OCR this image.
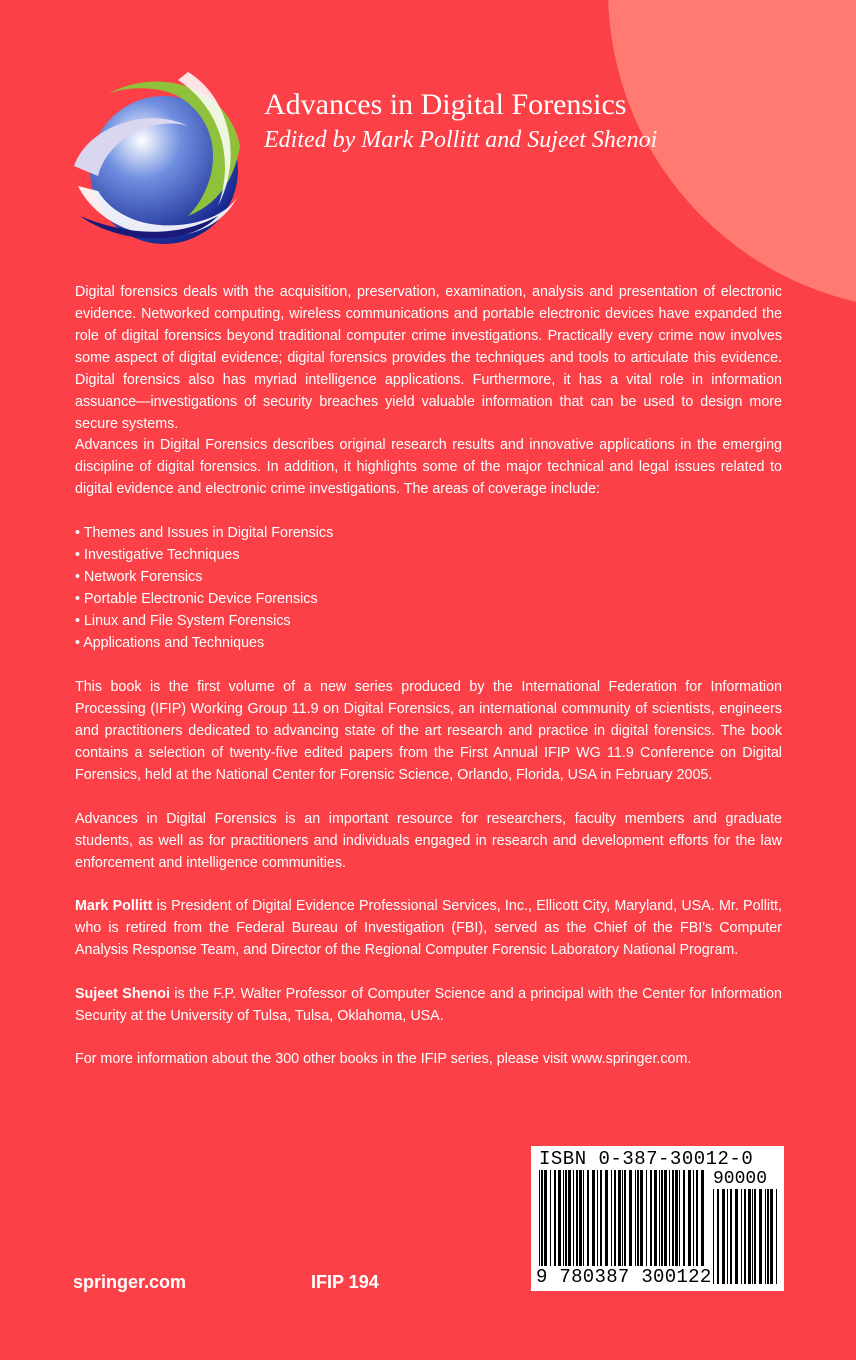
Advances in Digital Forensics
Edited by Mark Pollitt and Sujeet Shenoi

Digital forensics deals with the acquisition, preservation, examination, analysis and presentation of electronic evidence. Networked computing, wireless communications and portable electronic devices have expanded the role of digital forensics beyond traditional computer crime investigations. Practically every crime now involves some aspect of digital evidence; digital forensics provides the techniques and tools to articulate this evidence. Digital forensics also has myriad intelligence applications. Furthermore, it has a vital role in information assuance—investigations of security breaches yield valuable information that can be used to design more secure systems.

Advances in Digital Forensics describes original research results and innovative applications in the emerging discipline of digital forensics. In addition, it highlights some of the major technical and legal issues related to digital evidence and electronic crime investigations. The areas of coverage include:

• Themes and Issues in Digital Forensics
• Investigative Techniques
• Network Forensics
• Portable Electronic Device Forensics
• Linux and File System Forensics
• Applications and Techniques

This book is the first volume of a new series produced by the International Federation for Information Processing (IFIP) Working Group 11.9 on Digital Forensics, an international community of scientists, engineers and practitioners dedicated to advancing state of the art research and practice in digital forensics. The book contains a selection of twenty-five edited papers from the First Annual IFIP WG 11.9 Conference on Digital Forensics, held at the National Center for Forensic Science, Orlando, Florida, USA in February 2005.

Advances in Digital Forensics is an important resource for researchers, faculty members and graduate students, as well as for practitioners and individuals engaged in research and development efforts for the law enforcement and intelligence communities.

Mark Pollitt is President of Digital Evidence Professional Services, Inc., Ellicott City, Maryland, USA. Mr. Pollitt, who is retired from the Federal Bureau of Investigation (FBI), served as the Chief of the FBI's Computer Analysis Response Team, and Director of the Regional Computer Forensic Laboratory National Program.

Sujeet Shenoi is the F.P. Walter Professor of Computer Science and a principal with the Center for Information Security at the University of Tulsa, Tulsa, Oklahoma, USA.

For more information about the 300 other books in the IFIP series, please visit www.springer.com.

springer.com	IFIP 194
ISBN 0-387-30012-0
90000
9 780387 300122
